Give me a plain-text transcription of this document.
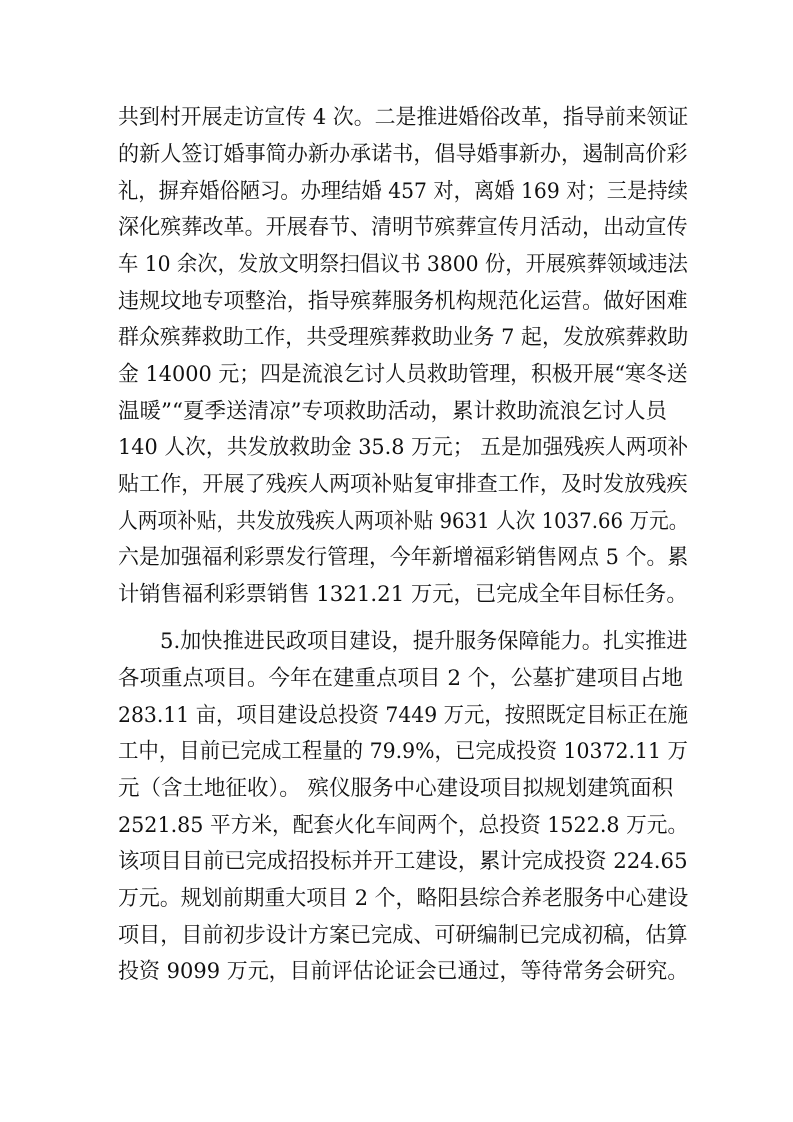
共到村开展走访宣传 4 次。二是推进婚俗改革，指导前来领证
的新人签订婚事简办新办承诺书，倡导婚事新办，遏制高价彩
礼，摒弃婚俗陋习。办理结婚 457 对，离婚 169 对；三是持续
深化殡葬改革。开展春节、清明节殡葬宣传月活动，出动宣传
车 10 余次，发放文明祭扫倡议书 3800 份，开展殡葬领域违法
违规坟地专项整治，指导殡葬服务机构规范化运营。做好困难
群众殡葬救助工作，共受理殡葬救助业务 7 起，发放殡葬救助
金 14000 元；四是流浪乞讨人员救助管理，积极开展“寒冬送
温暖”“夏季送清凉”专项救助活动，累计救助流浪乞讨人员
140 人次，共发放救助金 35.8 万元； 五是加强残疾人两项补
贴工作，开展了残疾人两项补贴复审排查工作，及时发放残疾
人两项补贴，共发放残疾人两项补贴 9631 人次 1037.66 万元。
六是加强福利彩票发行管理，今年新增福彩销售网点 5 个。累
计销售福利彩票销售 1321.21 万元，已完成全年目标任务。
5.加快推进民政项目建设，提升服务保障能力。扎实推进
各项重点项目。今年在建重点项目 2 个，公墓扩建项目占地
283.11 亩，项目建设总投资 7449 万元，按照既定目标正在施
工中，目前已完成工程量的 79.9%，已完成投资 10372.11 万
元（含土地征收）。 殡仪服务中心建设项目拟规划建筑面积
2521.85 平方米，配套火化车间两个，总投资 1522.8 万元。
该项目目前已完成招投标并开工建设，累计完成投资 224.65
万元。规划前期重大项目 2 个，略阳县综合养老服务中心建设
项目，目前初步设计方案已完成、可研编制已完成初稿，估算
投资 9099 万元，目前评估论证会已通过，等待常务会研究。
